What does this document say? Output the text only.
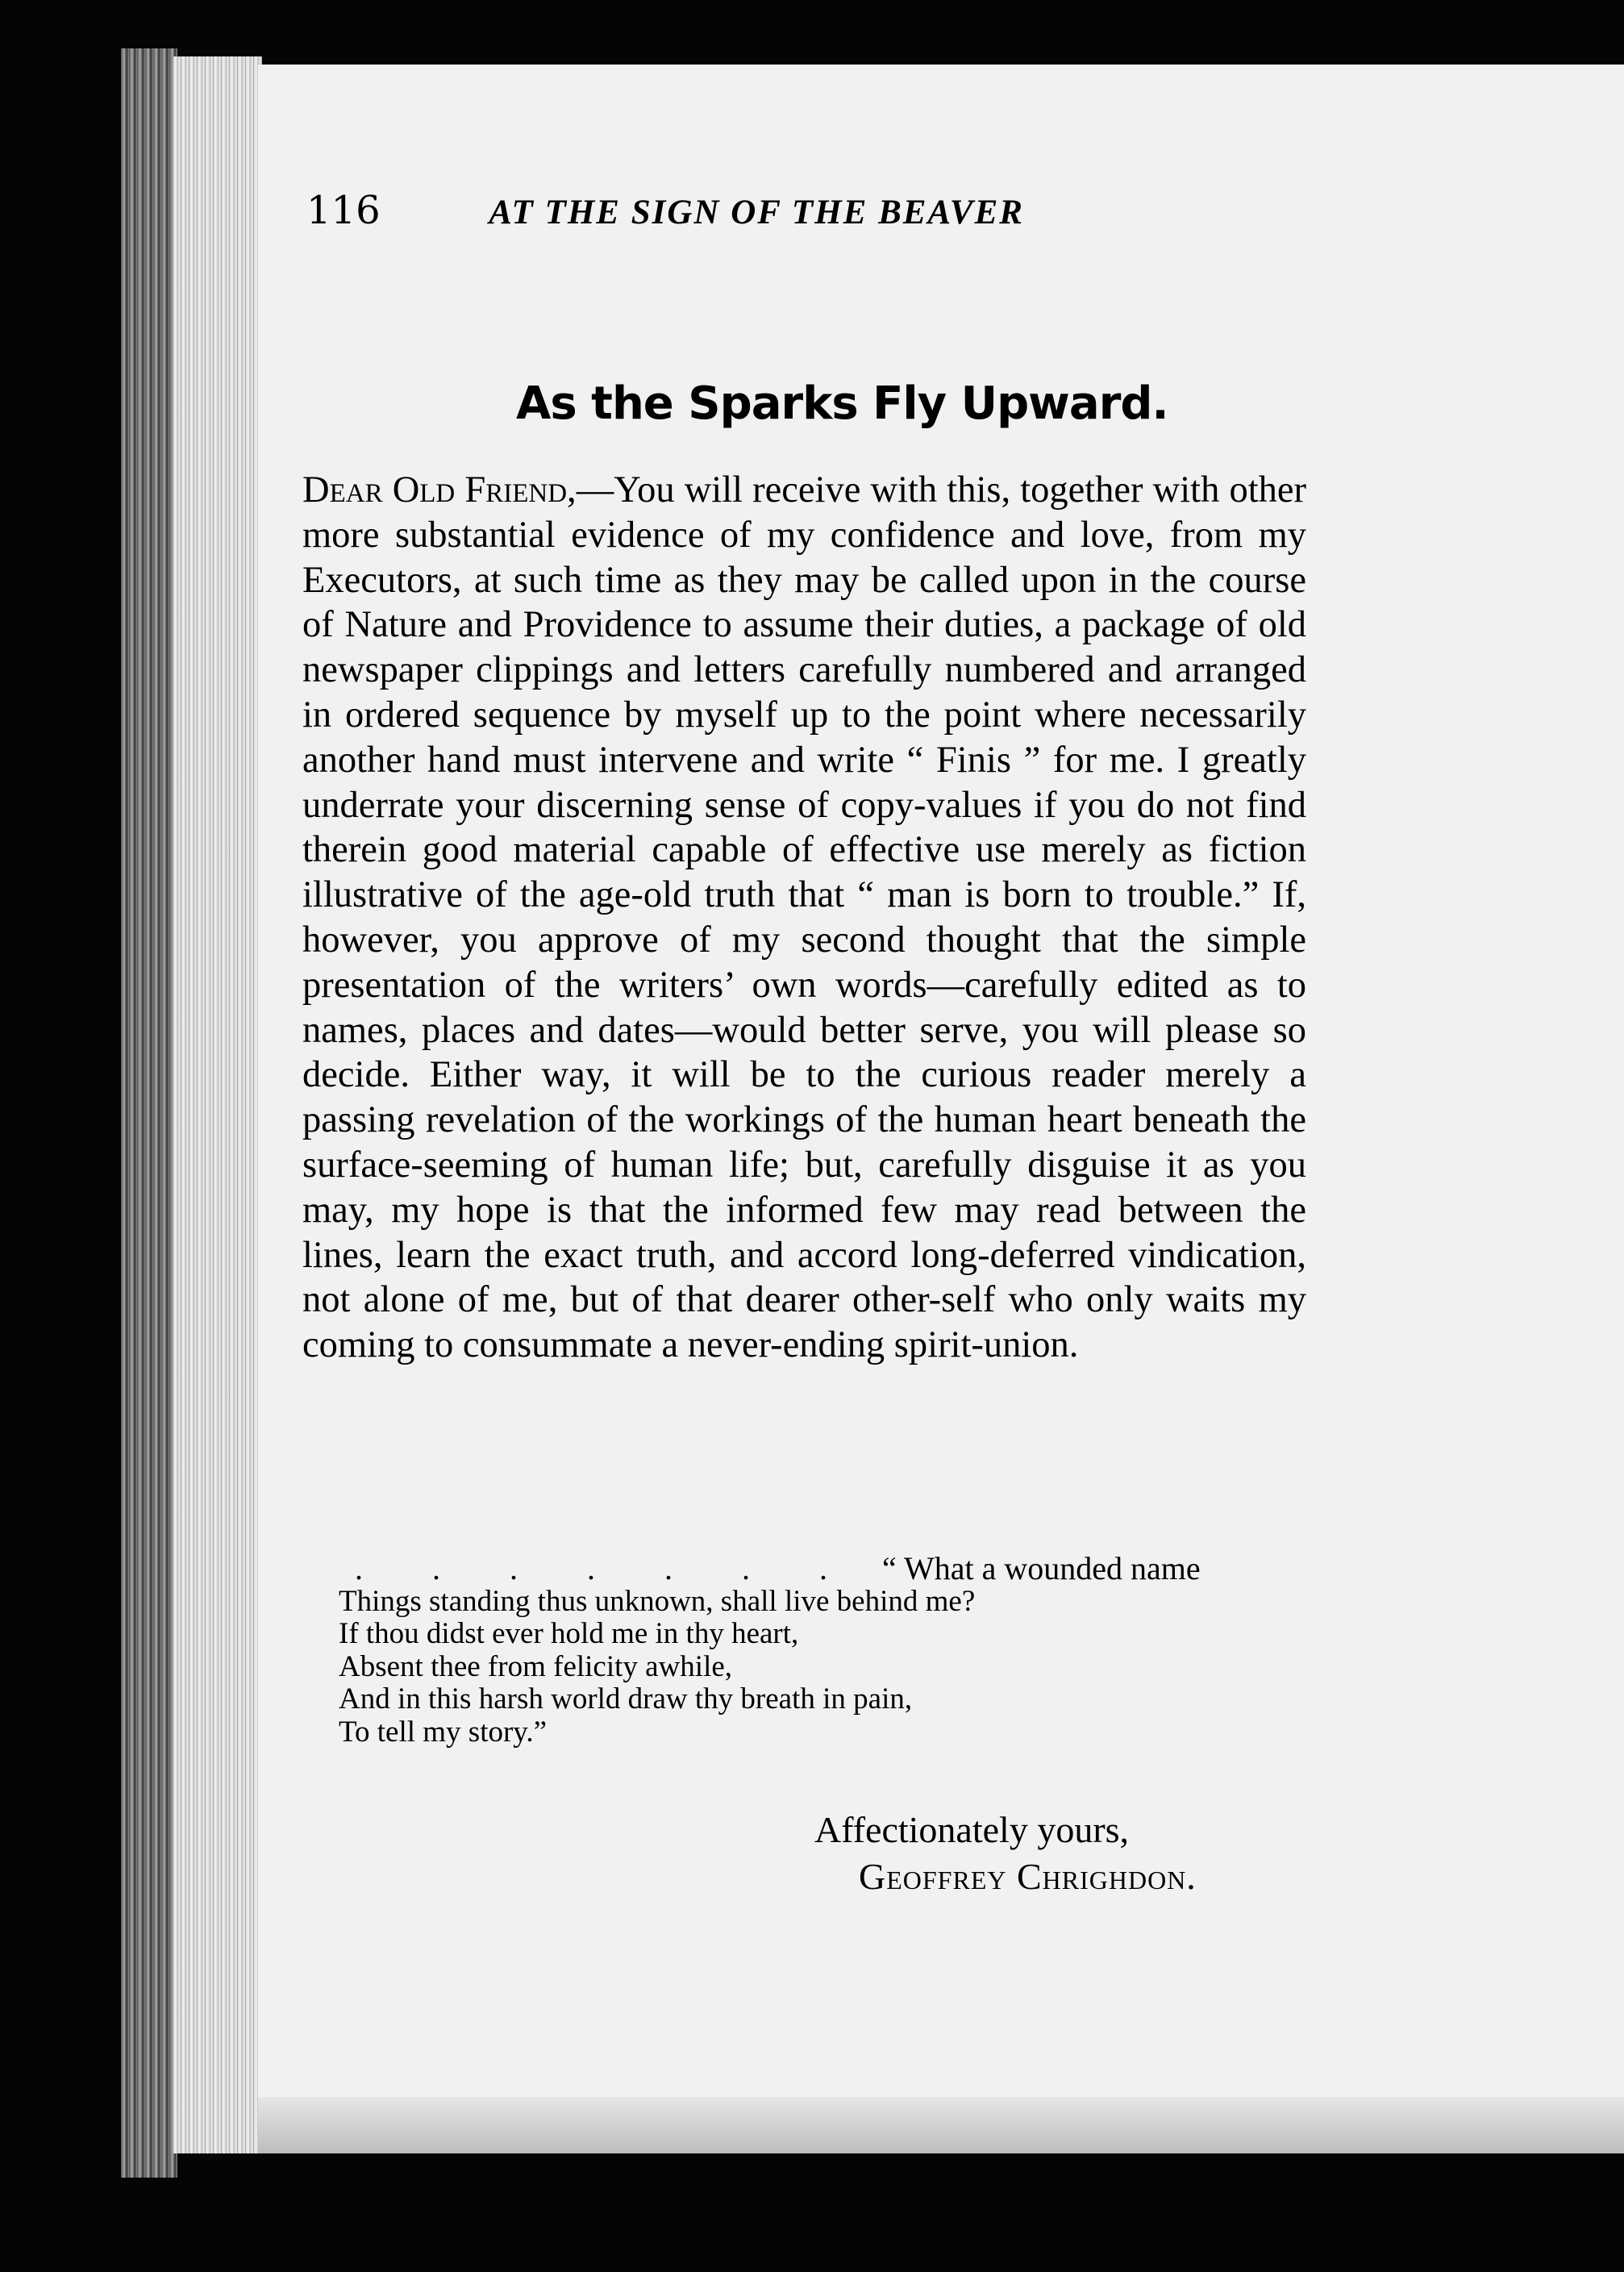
116	AT THE SIGN OF THE BEAVER
As the Sparks Fly Upward.

Dear Old Friend,—You will receive with this, together with other more substantial evidence of my confidence and love, from my Executors, at such time as they may be called upon in the course of Nature and Providence to assume their duties, a package of old newspaper clippings and letters carefully numbered and arranged in ordered sequence by myself up to the point where necessarily another hand must intervene and write “ Finis ” for me. I greatly underrate your discerning sense of copy-values if you do not find therein good material capable of effective use merely as fiction illustrative of the age-old truth that “ man is born to trouble.” If, however, you approve of my second thought that the simple presentation of the writers’ own words—carefully edited as to names, places and dates—would better serve, you will please so decide. Either way, it will be to the curious reader merely a passing revelation of the workings of the human heart beneath the surface-seeming of human life; but, carefully disguise it as you may, my hope is that the informed few may read between the lines, learn the exact truth, and accord long-deferred vindication, not alone of me, but of that dearer other-self who only waits my coming to consummate a never-ending spirit-union.

. . . . . . . “ What a wounded name
Things standing thus unknown, shall live behind me?
If thou didst ever hold me in thy heart,
Absent thee from felicity awhile,
And in this harsh world draw thy breath in pain,
To tell my story.”
Affectionately yours,
Geoffrey Chrighdon.
